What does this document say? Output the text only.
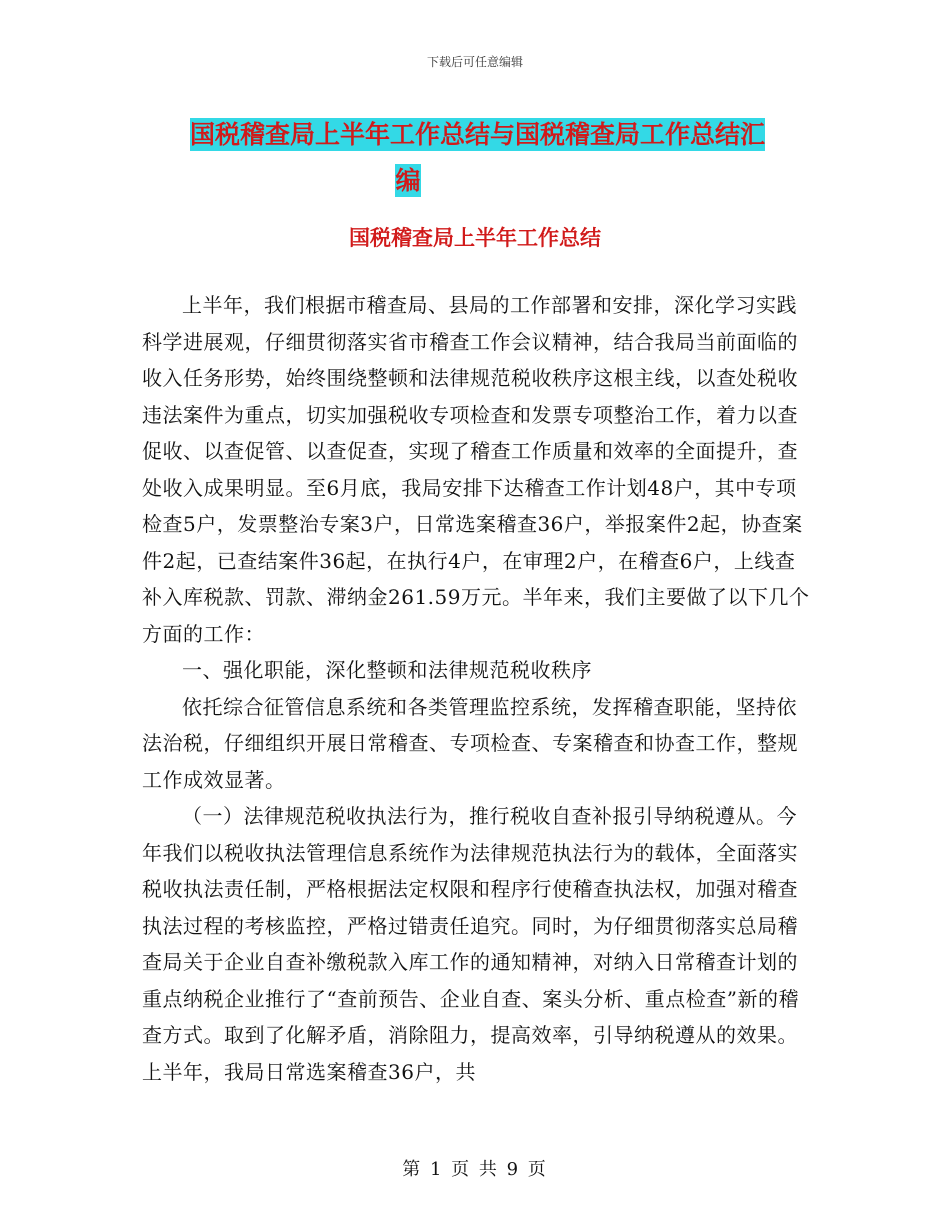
下载后可任意编辑
国税稽查局上半年工作总结与国税稽查局工作总结汇
编
国税稽查局上半年工作总结

上半年，我们根据市稽查局、县局的工作部署和安排，深化学习实践科学进展观，仔细贯彻落实省市稽查工作会议精神，结合我局当前面临的收入任务形势，始终围绕整顿和法律规范税收秩序这根主线，以查处税收违法案件为重点，切实加强税收专项检查和发票专项整治工作，着力以查促收、以查促管、以查促查，实现了稽查工作质量和效率的全面提升，查处收入成果明显。至6月底，我局安排下达稽查工作计划48户，其中专项检查5户，发票整治专案3户，日常选案稽查36户，举报案件2起，协查案件2起，已查结案件36起，在执行4户，在审理2户，在稽查6户，上线查补入库税款、罚款、滞纳金261.59万元。半年来，我们主要做了以下几个方面的工作：

一、强化职能，深化整顿和法律规范税收秩序

依托综合征管信息系统和各类管理监控系统，发挥稽查职能，坚持依法治税，仔细组织开展日常稽查、专项检查、专案稽查和协查工作，整规工作成效显著。

（一）法律规范税收执法行为，推行税收自查补报引导纳税遵从。今年我们以税收执法管理信息系统作为法律规范执法行为的载体，全面落实税收执法责任制，严格根据法定权限和程序行使稽查执法权，加强对稽查执法过程的考核监控，严格过错责任追究。同时，为仔细贯彻落实总局稽查局关于企业自查补缴税款入库工作的通知精神，对纳入日常稽查计划的重点纳税企业推行了“查前预告、企业自查、案头分析、重点检查”新的稽查方式。取到了化解矛盾，消除阻力，提高效率，引导纳税遵从的效果。上半年，我局日常选案稽查36户，共

第 1 页 共 9 页
